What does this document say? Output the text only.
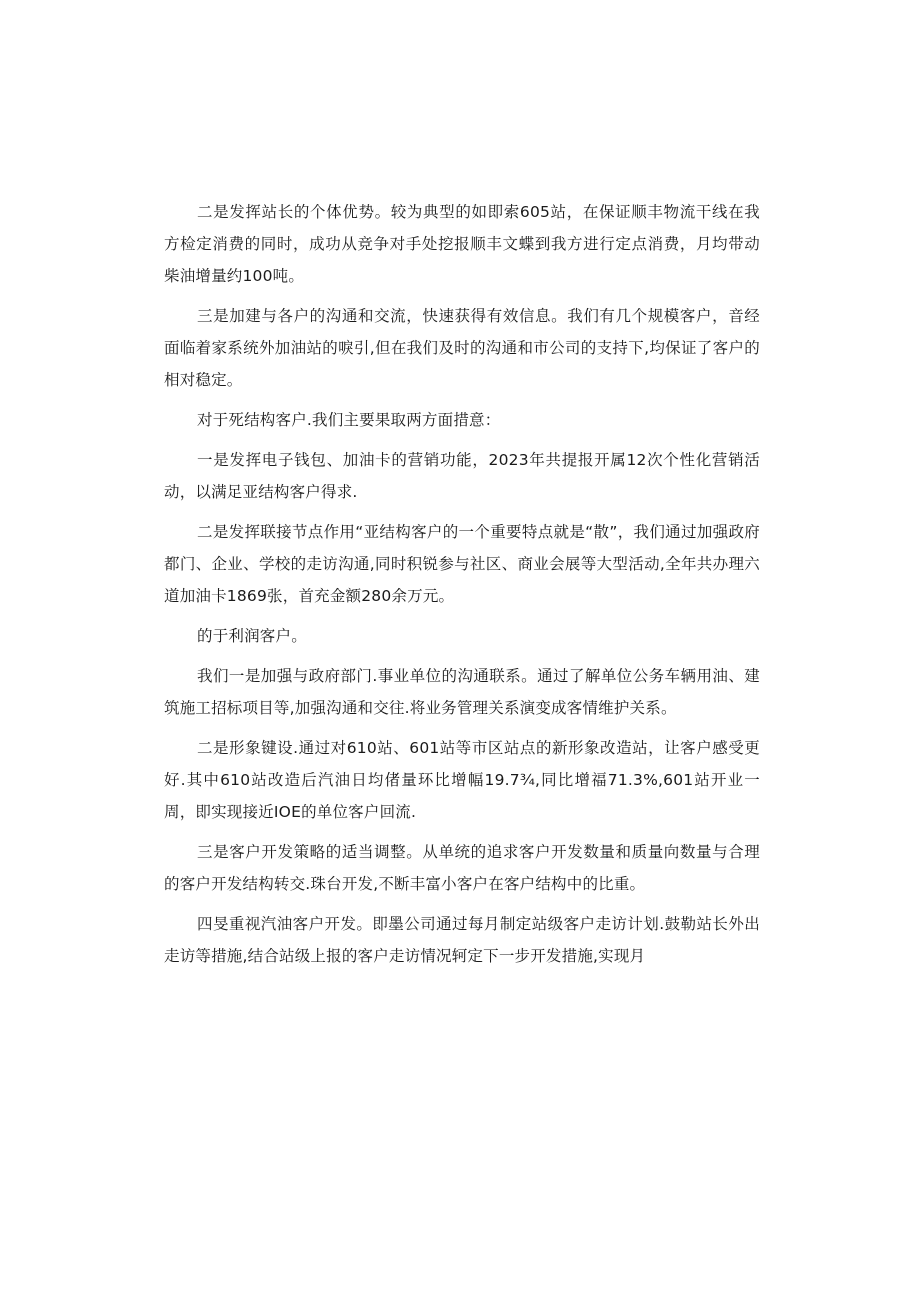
二是发挥站长的个体优势。较为典型的如即索605站，在保证顺丰物流干线在我方检定消费的同时，成功从竞争对手处挖报顺丰文蝶到我方进行定点消费，月均带动柴油增量约100吨。

三是加建与各户的沟通和交流，快速获得有效信息。我们有几个规模客户，音经面临着家系统外加油站的唳引,但在我们及时的沟通和市公司的支持下,均保证了客户的相对稳定。

对于死结构客户.我们主要果取两方面措意：

一是发挥电子钱包、加油卡的营销功能，2023年共提报开属12次个性化营销活动，以满足亚结构客户得求.

二是发挥联接节点作用“亚结构客户的一个重要特点就是“散”，我们通过加强政府都门、企业、学校的走访沟通,同时积锐参与社区、商业会展等大型活动,全年共办理六道加油卡1869张，首充金额280余万元。

的于利润客户。

我们一是加强与政府部门.事业单位的沟通联系。通过了解单位公务车辆用油、建筑施工招标项目等,加强沟通和交往.将业务管理关系演变成客情维护关系。

二是形象键设.通过对610站、601站等市区站点的新形象改造站，让客户感受更好.其中610站改造后汽油日均偖量环比增幅19.7¾,同比增福71.3%,601站开业一周，即实现接近IOE的单位客户回流.

三是客户开发策略的适当调整。从单统的追求客户开发数量和质量向数量与合理的客户开发结构转交.珠台开发,不断丰富小客户在客户结构中的比重。

四旻重视汽油客户开发。即墨公司通过每月制定站级客户走访计划.鼓勒站长外出走访等措施,结合站级上报的客户走访情况轲定下一步开发措施,实现月
